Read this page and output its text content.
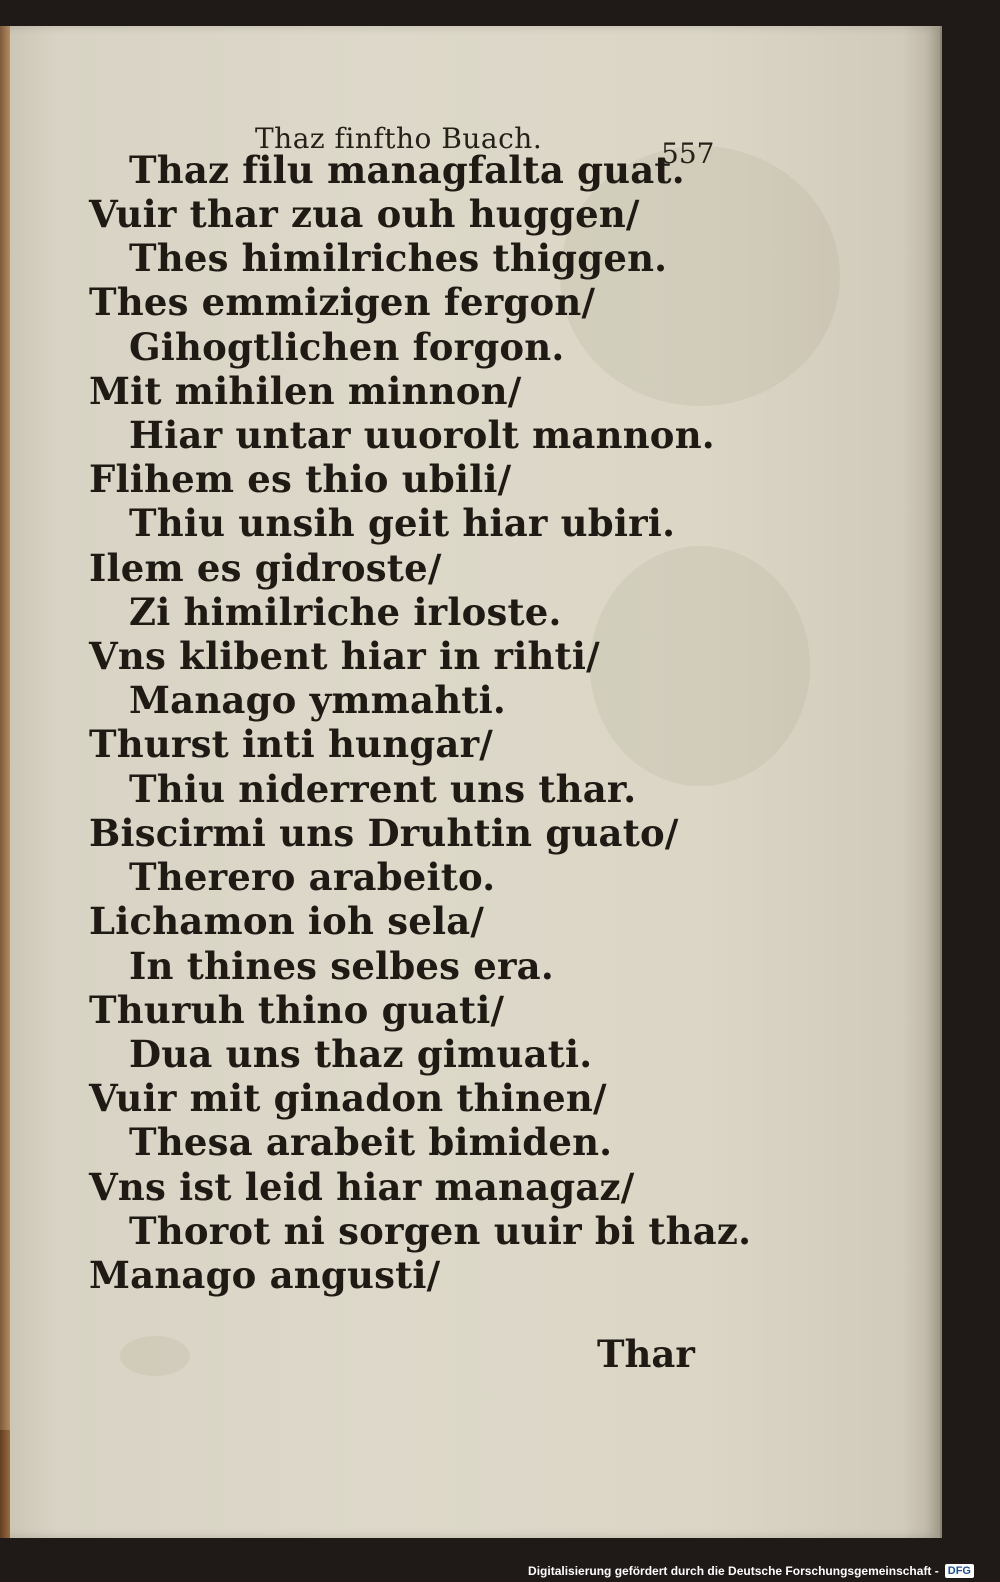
Thaz finftho Buach.	557
Thaz filu managfalta guat.
Vuir thar zua ouh huggen/
Thes himilriches thiggen.
Thes emmizigen fergon/
Gihogtlichen forgon.
Mit mihilen minnon/
Hiar untar uuorolt mannon.
Flihem es thio ubili/
Thiu unsih geit hiar ubiri.
Ilem es gidroste/
Zi himilriche irloste.
Vns klibent hiar in rihti/
Manago ymmahti.
Thurst inti hungar/
Thiu niderrent uns thar.
Biscirmi uns Druhtin guato/
Therero arabeito.
Lichamon ioh sela/
In thines selbes era.
Thuruh thino guati/
Dua uns thaz gimuati.
Vuir mit ginadon thinen/
Thesa arabeit bimiden.
Vns ist leid hiar managaz/
Thorot ni sorgen uuir bi thaz.
Manago angusti/
Thar
Digitalisierung gefördert durch die Deutsche Forschungsgemeinschaft - DFG
